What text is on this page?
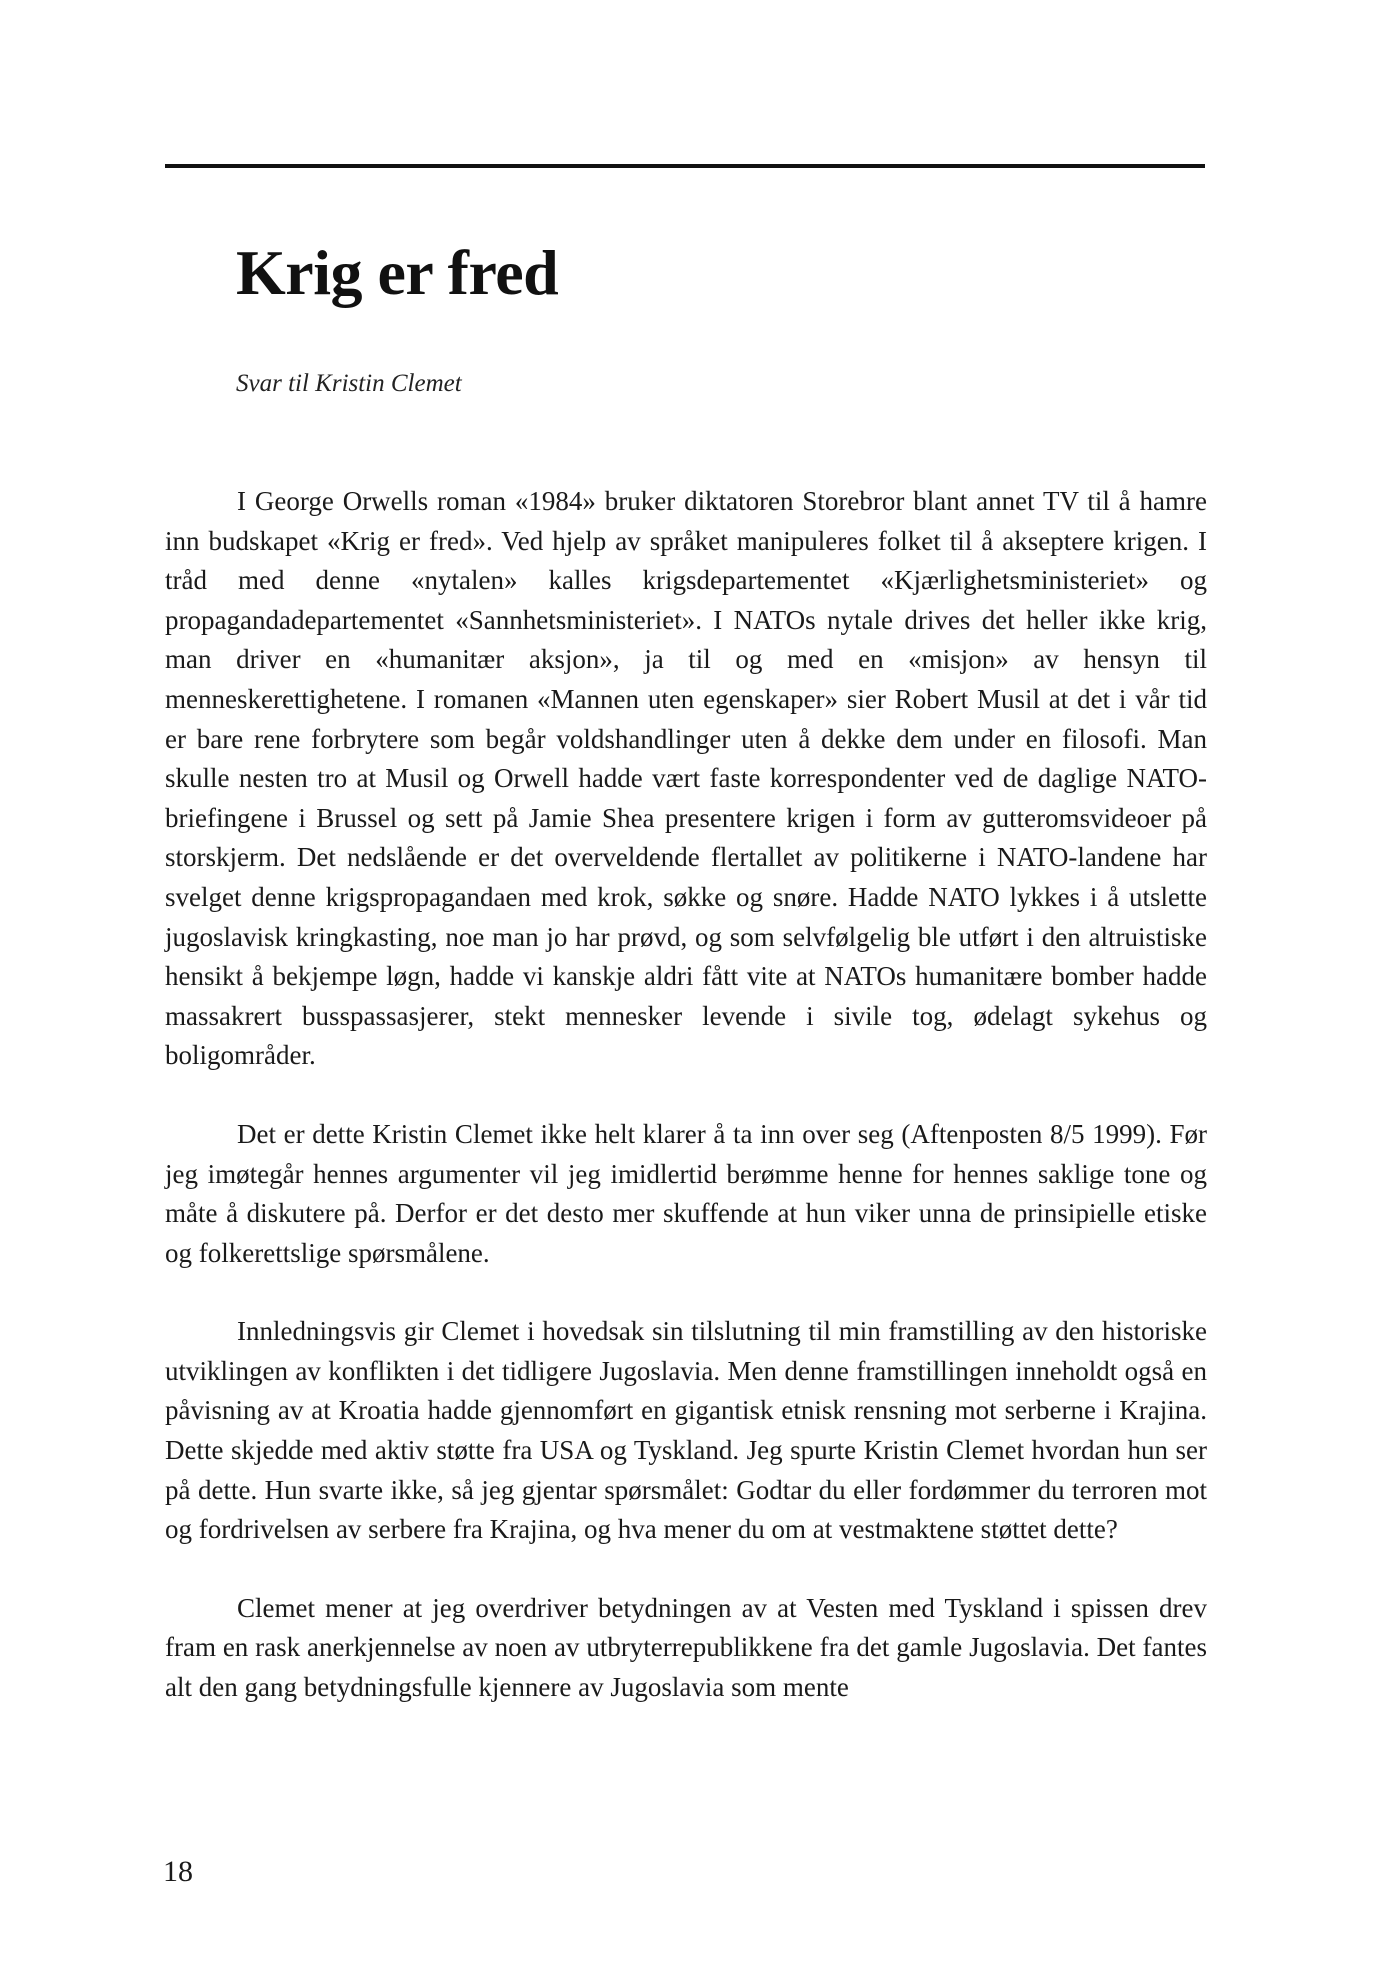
Krig er fred

Svar til Kristin Clemet

I George Orwells roman «1984» bruker diktatoren Storebror blant annet TV til å hamre inn budskapet «Krig er fred». Ved hjelp av språket manipuleres folket til å akseptere krigen. I tråd med denne «nytalen» kalles krigsdepartementet «Kjærlighetsministeriet» og propagandadepartementet «Sannhetsministeriet». I NATOs nytale drives det heller ikke krig, man driver en «humanitær aksjon», ja til og med en «misjon» av hensyn til menneskerettighetene. I romanen «Mannen uten egenskaper» sier Robert Musil at det i vår tid er bare rene forbrytere som begår voldshandlinger uten å dekke dem under en filosofi. Man skulle nesten tro at Musil og Orwell hadde vært faste korrespondenter ved de daglige NATO-briefingene i Brussel og sett på Jamie Shea presentere krigen i form av gutteromsvideoer på storskjerm. Det nedslående er det overveldende flertallet av politikerne i NATO-landene har svelget denne krigspropagandaen med krok, søkke og snøre. Hadde NATO lykkes i å utslette jugoslavisk kringkasting, noe man jo har prøvd, og som selvfølgelig ble utført i den altruistiske hensikt å bekjempe løgn, hadde vi kanskje aldri fått vite at NATOs humanitære bomber hadde massakrert busspassasjerer, stekt mennesker levende i sivile tog, ødelagt sykehus og boligområder.

Det er dette Kristin Clemet ikke helt klarer å ta inn over seg (Aftenposten 8/5 1999). Før jeg imøtegår hennes argumenter vil jeg imidlertid berømme henne for hennes saklige tone og måte å diskutere på. Derfor er det desto mer skuffende at hun viker unna de prinsipielle etiske og folkerettslige spørsmålene.

Innledningsvis gir Clemet i hovedsak sin tilslutning til min framstilling av den historiske utviklingen av konflikten i det tidligere Jugoslavia. Men denne framstillingen inneholdt også en påvisning av at Kroatia hadde gjennomført en gigantisk etnisk rensning mot serberne i Krajina. Dette skjedde med aktiv støtte fra USA og Tyskland. Jeg spurte Kristin Clemet hvordan hun ser på dette. Hun svarte ikke, så jeg gjentar spørsmålet: Godtar du eller fordømmer du terroren mot og fordrivelsen av serbere fra Krajina, og hva mener du om at vestmaktene støttet dette?

Clemet mener at jeg overdriver betydningen av at Vesten med Tyskland i spissen drev fram en rask anerkjennelse av noen av utbryterrepublikkene fra det gamle Jugoslavia. Det fantes alt den gang betydningsfulle kjennere av Jugoslavia som mente

18
